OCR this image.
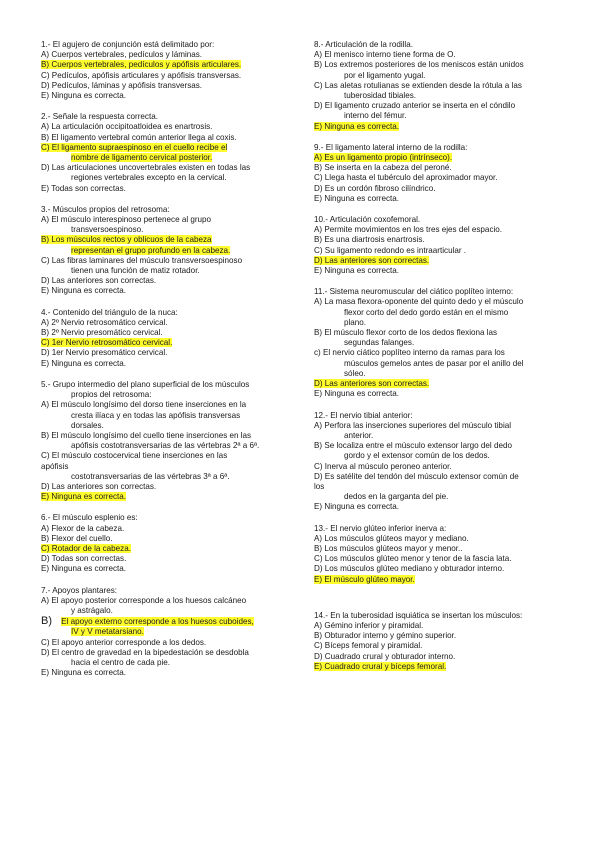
1.- El agujero de conjunción está delimitado por:
A) Cuerpos vertebrales, pedículos y láminas.
B) Cuerpos vertebrales, pedículos y apófisis articulares.
C) Pedículos, apófisis articulares y apófisis transversas.
D) Pedículos, láminas y apófisis transversas.
E) Ninguna es correcta.
2.- Señale la respuesta correcta.
A) La articulación occipitoatloidea es enartrosis.
B) El ligamento vertebral común anterior llega al coxis.
C) El ligamento supraespinoso en el cuello recibe el
nombre de ligamento cervical posterior.
D) Las articulaciones uncovertebrales existen en todas las
regiones vertebrales excepto en la cervical.
E) Todas son correctas.
3.- Músculos propios del retrosoma:
A) El músculo interespinoso pertenece al grupo
transversoespinoso.
B) Los músculos rectos y oblicuos de la cabeza
representan el grupo profundo en la cabeza.
C) Las fibras laminares del músculo transversoespinoso
tienen una función de matiz rotador.
D) Las anteriores son correctas.
E) Ninguna es correcta.
4.- Contenido del triángulo de la nuca:
A) 2º Nervio retrosomático cervical.
B) 2º Nervio presomático cervical.
C) 1er Nervio retrosomático cervical.
D) 1er Nervio presomático cervical.
E) Ninguna es correcta.
5.- Grupo intermedio del plano superficial de los músculos
propios del retrosoma:
A) El músculo longísimo del dorso tiene inserciones en la
cresta ilíaca y en todas las apófisis transversas
dorsales.
B) El músculo longísimo del cuello tiene inserciones en las
apófisis costotransversarias de las vértebras 2ª a 6ª.
C) El músculo costocervical tiene inserciones en las
apófisis
costotransversarias de las vértebras 3ª a 6ª.
D) Las anteriores son correctas.
E) Ninguna es correcta.
6.- El músculo esplenio es:
A) Flexor de la cabeza.
B) Flexor del cuello.
C) Rotador de la cabeza.
D) Todas son correctas.
E) Ninguna es correcta.
7.- Apoyos plantares:
A) El apoyo posterior corresponde a los huesos calcáneo
y astrágalo.
B)   El apoyo externo corresponde a los huesos cuboides,
IV y V metatarsiano.
C) El apoyo anterior corresponde a los dedos.
D) El centro de gravedad en la bipedestación se desdobla
hacia el centro de cada pie.
E) Ninguna es correcta.
8.- Articulación de la rodilla.
A) El menisco interno tiene forma de O.
B) Los extremos posteriores de los meniscos están unidos
por el ligamento yugal.
C) Las aletas rotulianas se extienden desde la rótula a las
tuberosidad tibiales.
D) El ligamento cruzado anterior se inserta en el cóndilo
interno del fémur.
E) Ninguna es correcta.
9.- El ligamento lateral interno de la rodilla:
A) Es un ligamento propio (intrínseco).
B) Se inserta en la cabeza del peroné.
C) Llega hasta el tubérculo del aproximador mayor.
D) Es un cordón fibroso cilíndrico.
E) Ninguna es correcta.
10.- Articulación coxofemoral.
A) Permite movimientos en los tres ejes del espacio.
B) Es una diartrosis enartrosis.
C) Su ligamento redondo es intraarticular .
D) Las anteriores son correctas.
E) Ninguna es correcta.
11.- Sistema neuromuscular del ciático poplíteo interno:
A) La masa flexora-oponente del quinto dedo y el músculo
flexor corto del dedo gordo están en el mismo
plano.
B) El músculo flexor corto de los dedos flexiona las
segundas falanges.
c) El nervio ciático poplíteo interno da ramas para los
músculos gemelos antes de pasar por el anillo del
sóleo.
D) Las anteriores son correctas.
E) Ninguna es correcta.
12.- El nervio tibial anterior:
A) Perfora las inserciones superiores del músculo tibial
anterior.
B) Se localiza entre el músculo extensor largo del dedo
gordo y el extensor común de los dedos.
C) Inerva al músculo peroneo anterior.
D) Es satélite del tendón del músculo extensor común de
los
dedos en la garganta del pie.
E) Ninguna es correcta.
13.- El nervio glúteo inferior inerva a:
A) Los músculos glúteos mayor y mediano.
B) Los músculos glúteos mayor y menor..
C) Los músculos glúteo menor y tenor de la fascia lata.
D) Los músculos glúteo mediano y obturador interno.
E) El músculo glúteo mayor.
14.- En la tuberosidad isquiática se insertan los músculos:
A) Gémino inferior y piramidal.
B) Obturador interno y gémino superior.
C) Bíceps femoral y piramidal.
D) Cuadrado crural y obturador interno.
E) Cuadrado crural y bíceps femoral.
